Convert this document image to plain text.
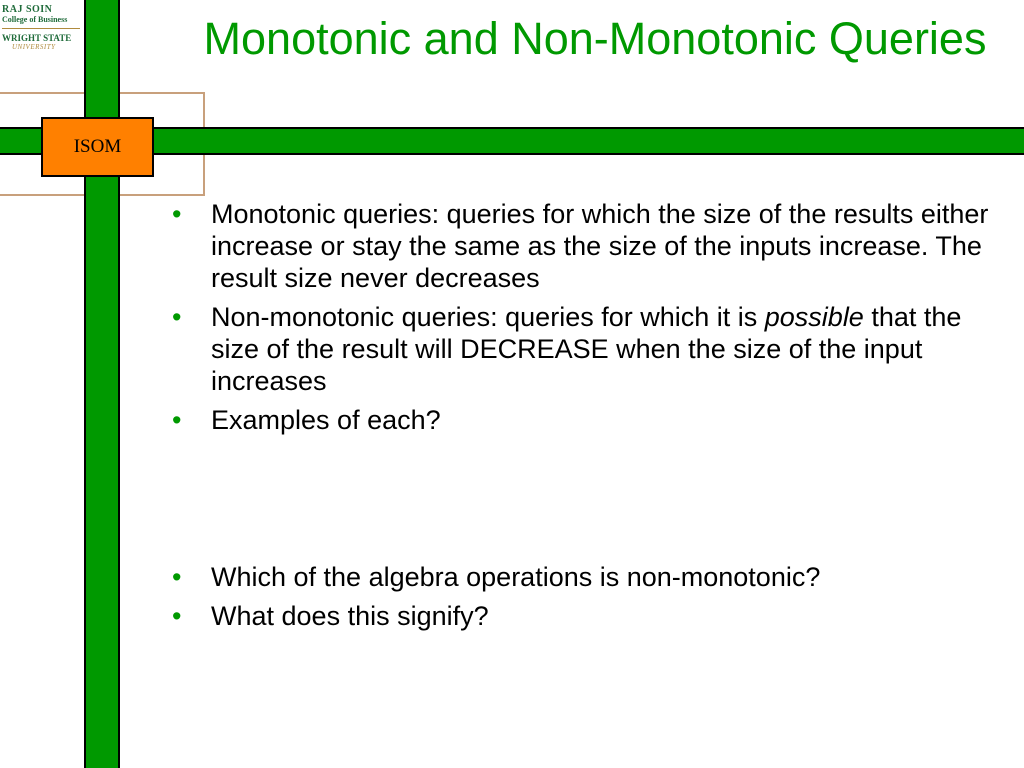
RAJ SOIN
College of Business
WRIGHT STATE
UNIVERSITY
ISOM
Monotonic and Non-Monotonic Queries
• Monotonic queries: queries for which the size of the results either increase or stay the same as the size of the inputs increase. The result size never decreases
• Non-monotonic queries: queries for which it is possible that the size of the result will DECREASE when the size of the input increases
• Examples of each?
• Which of the algebra operations is non-monotonic?
• What does this signify?
